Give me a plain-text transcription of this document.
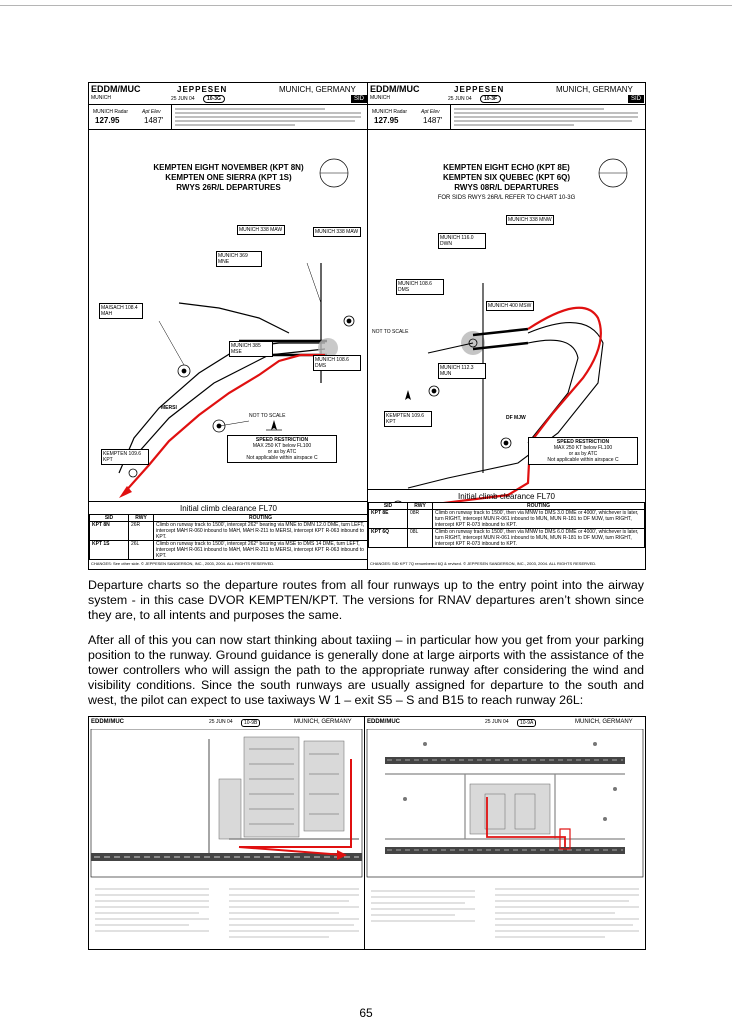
EDDM/MUC
MUNICH
JEPPESEN	MUNICH, GERMANY
25 JUN 04	10-3G	SID
MUNICH Radar
127.95
Apt Elev
1487'
KEMPTEN EIGHT NOVEMBER (KPT 8N)
KEMPTEN ONE SIERRA (KPT 1S)
RWYS 26R/L DEPARTURES
MUNICH 338 MAW
MUNICH 369 MNE
MUNICH 338 MAW
MAISACH 108.4 MAH
MUNICH 385 MSE
MUNICH 108.6 DMS
KEMPTEN 109.6 KPT
MERSI
NOT TO SCALE
SPEED RESTRICTION
MAX 250 KT below FL100
or as by ATC
Not applicable within airspace C
Initial climb clearance FL70
SID	RWY	ROUTING
KPT 8N	26R	Climb on runway track to 1500', intercept 262° bearing via MNE to DMN 12.0 DME, turn LEFT, intercept MAH R-060 inbound to MAH, MAH R-211 to MERSI, intercept KPT R-063 inbound to KPT.
KPT 1S	26L	Climb on runway track to 1500', intercept 262° bearing via MSE to DMS 14 DME, turn LEFT, intercept MAH R-061 inbound to MAH, MAH R-211 to MERSI, intercept KPT R-063 inbound to KPT.
CHANGES: See other side. © JEPPESEN SANDERSON, INC., 2003, 2004. ALL RIGHTS RESERVED.
EDDM/MUC
MUNICH
JEPPESEN	MUNICH, GERMANY
25 JUN 04	10-3F	SID
MUNICH Radar
127.95
Apt Elev
1487'
KEMPTEN EIGHT ECHO (KPT 8E)
KEMPTEN SIX QUEBEC (KPT 6Q)
RWYS 08R/L DEPARTURES
FOR SIDS RWYS 26R/L REFER TO CHART 10-3G
MUNICH 338 MNW
MUNICH 116.0 DWN
MUNICH 108.6 DMS
MUNICH 400 MSW
MUNICH 112.3 MUN
KEMPTEN 109.6 KPT
DF MJW
NOT TO SCALE
SPEED RESTRICTION
MAX 250 KT below FL100
or as by ATC
Not applicable within airspace C
Initial climb clearance FL70
SID	RWY	ROUTING
KPT 8E	08R	Climb on runway track to 1500', then via MNW to DMS 3.0 DME or 4000', whichever is later, turn RIGHT, intercept MUN R-061 inbound to MUN, MUN R-181 to DF MJW, turn RIGHT, intercept KPT R-073 inbound to KPT.
KPT 6Q	08L	Climb on runway track to 1500', then via MNW to DMS 6.0 DME or 4000', whichever is later, turn RIGHT, intercept MUN R-061 inbound to MUN, MUN R-181 to DF MJW, turn RIGHT, intercept KPT R-073 inbound to KPT.
CHANGES: SID KPT 7Q renumbered 6Q & revised. © JEPPESEN SANDERSON, INC., 2003, 2004. ALL RIGHTS RESERVED.
Departure charts so the departure routes from all four runways up to the entry point into the airway system - in this case DVOR KEMPTEN/KPT. The versions for RNAV departures aren’t shown since they are, to all intents and purposes the same.
After all of this you can now start thinking about taxiing – in particular how you get from your parking position to the runway. Ground guidance is generally done at large airports with the assistance of the tower controllers who will assign the path to the appropriate runway after considering the wind and visibility conditions. Since the south runways are usually assigned for departure to the south and west, the pilot can expect to use taxiways W 1 – exit S5 – S and B15 to reach runway 26L:
EDDM/MUC	25 JUN 04	10-9B	MUNICH, GERMANY	EDDM/MUC	25 JUN 04	10-9A	MUNICH, GERMANY
65
